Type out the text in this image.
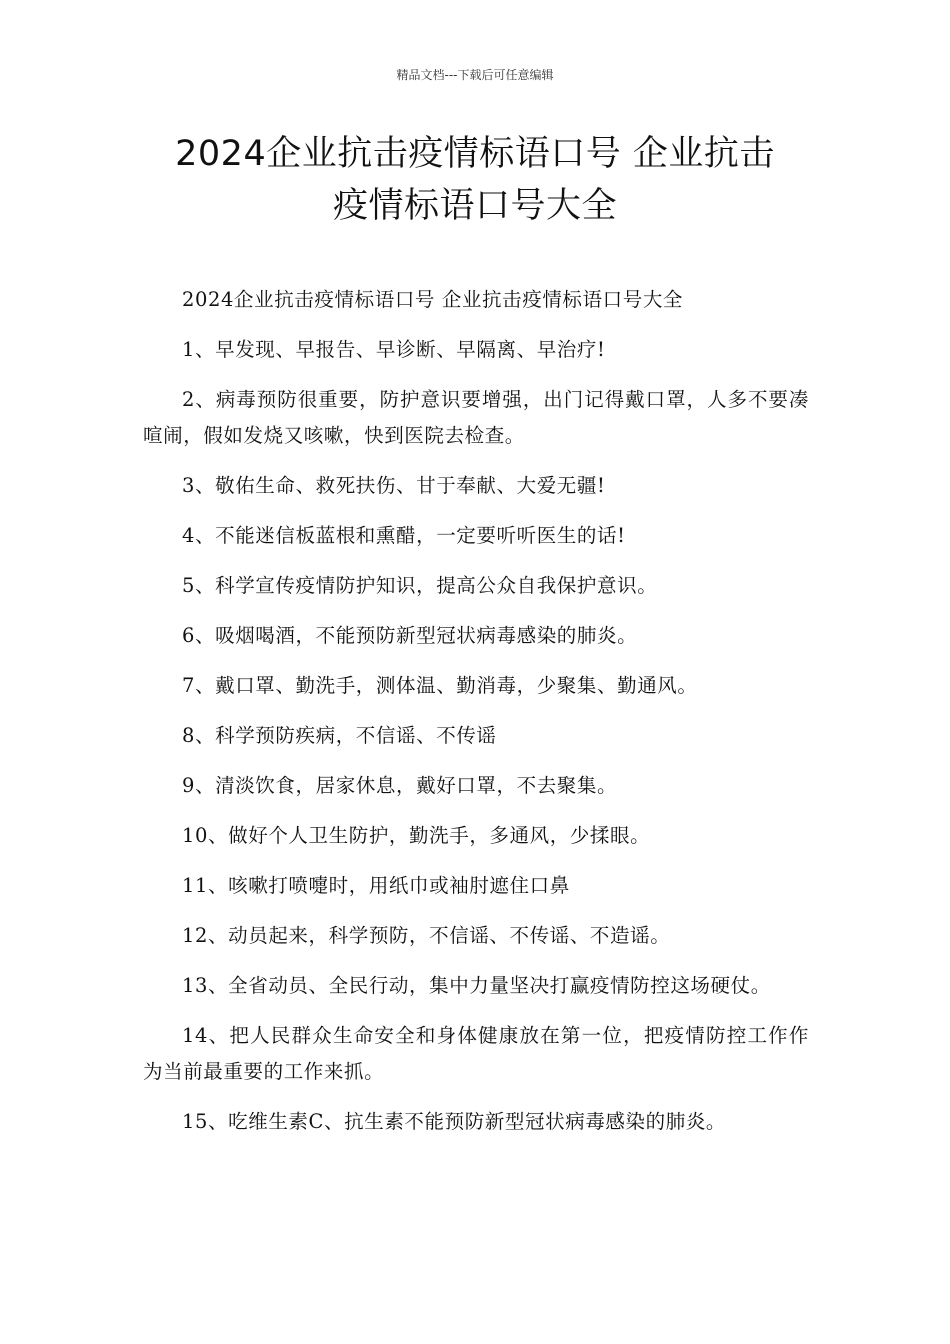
精品文档---下载后可任意编辑
2024企业抗击疫情标语口号 企业抗击
疫情标语口号大全

2024企业抗击疫情标语口号 企业抗击疫情标语口号大全

1、早发现、早报告、早诊断、早隔离、早治疗!

2、病毒预防很重要，防护意识要增强，出门记得戴口罩，人多不要凑喧闹，假如发烧又咳嗽，快到医院去检查。

3、敬佑生命、救死扶伤、甘于奉献、大爱无疆!

4、不能迷信板蓝根和熏醋，一定要听听医生的话!

5、科学宣传疫情防护知识，提高公众自我保护意识。

6、吸烟喝酒，不能预防新型冠状病毒感染的肺炎。

7、戴口罩、勤洗手，测体温、勤消毒，少聚集、勤通风。

8、科学预防疾病，不信谣、不传谣

9、清淡饮食，居家休息，戴好口罩，不去聚集。

10、做好个人卫生防护，勤洗手，多通风，少揉眼。

11、咳嗽打喷嚏时，用纸巾或袖肘遮住口鼻

12、动员起来，科学预防，不信谣、不传谣、不造谣。

13、全省动员、全民行动，集中力量坚决打赢疫情防控这场硬仗。

14、把人民群众生命安全和身体健康放在第一位，把疫情防控工作作为当前最重要的工作来抓。

15、吃维生素C、抗生素不能预防新型冠状病毒感染的肺炎。
